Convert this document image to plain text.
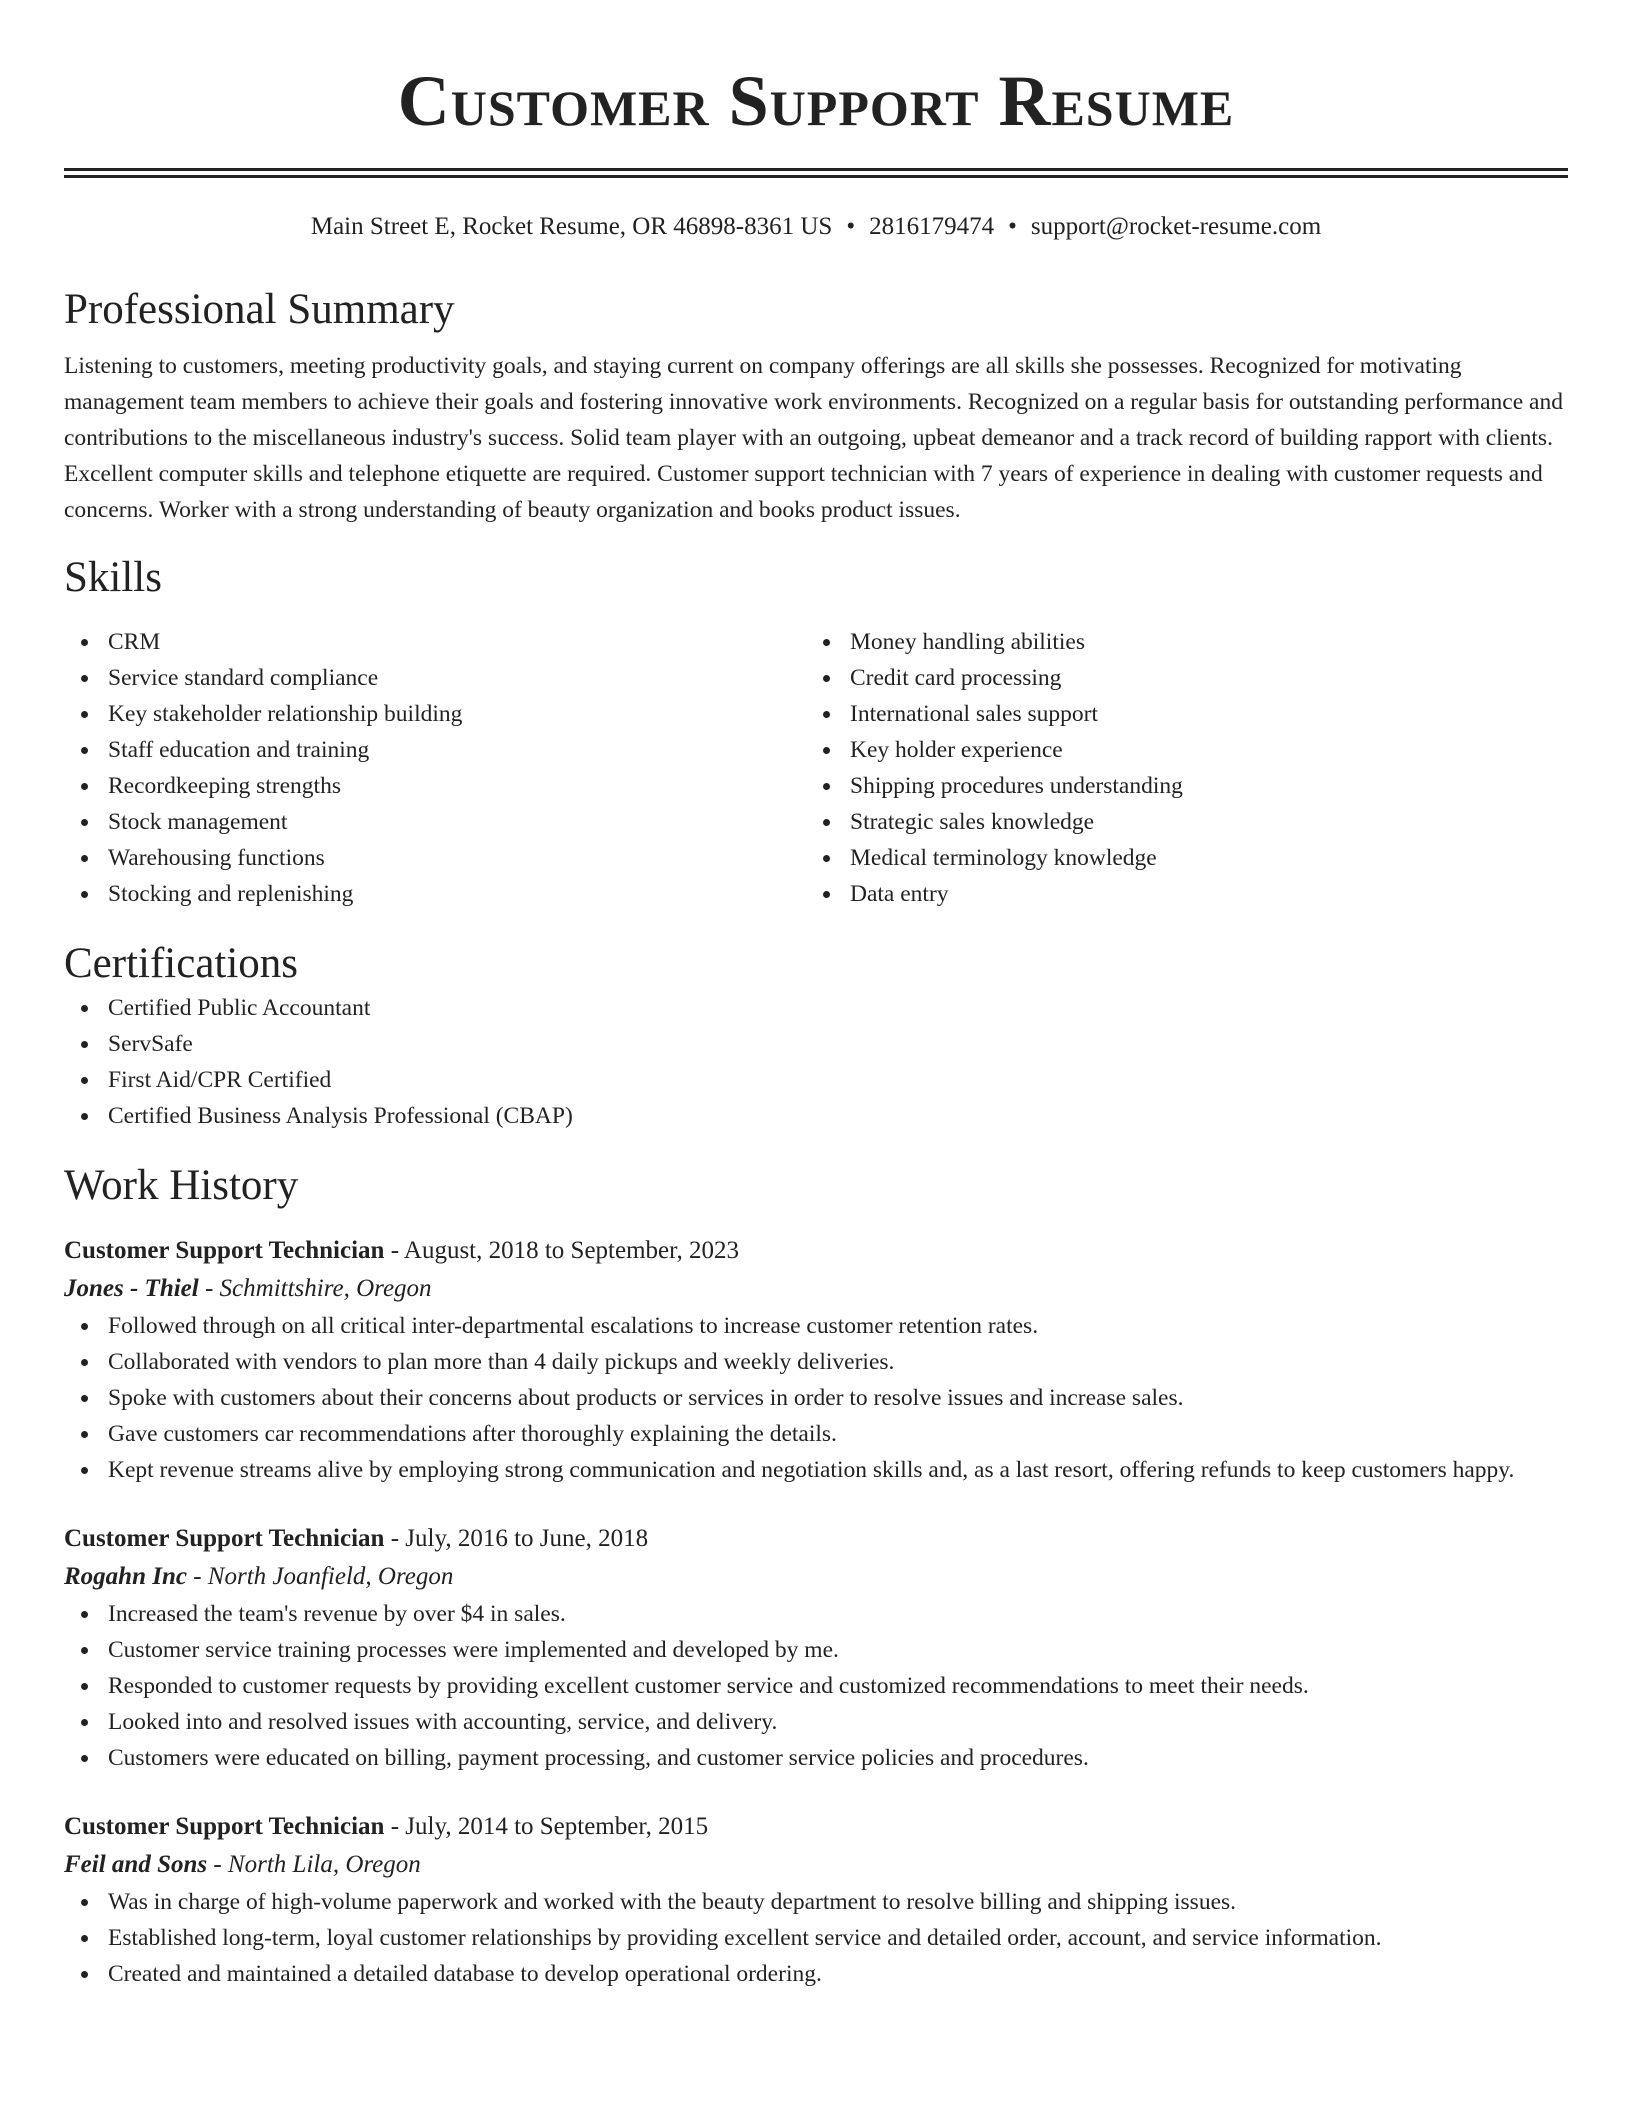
Customer Support Resume
Main Street E, Rocket Resume, OR 46898-8361 US • 2816179474 • support@rocket-resume.com
Professional Summary

Listening to customers, meeting productivity goals, and staying current on company offerings are all skills she possesses. Recognized for motivating management team members to achieve their goals and fostering innovative work environments. Recognized on a regular basis for outstanding performance and contributions to the miscellaneous industry's success. Solid team player with an outgoing, upbeat demeanor and a track record of building rapport with clients. Excellent computer skills and telephone etiquette are required. Customer support technician with 7 years of experience in dealing with customer requests and concerns. Worker with a strong understanding of beauty organization and books product issues.

Skills
CRM
Service standard compliance
Key stakeholder relationship building
Staff education and training
Recordkeeping strengths
Stock management
Warehousing functions
Stocking and replenishing
Money handling abilities
Credit card processing
International sales support
Key holder experience
Shipping procedures understanding
Strategic sales knowledge
Medical terminology knowledge
Data entry
Certifications
Certified Public Accountant
ServSafe
First Aid/CPR Certified
Certified Business Analysis Professional (CBAP)
Work History

Customer Support Technician - August, 2018 to September, 2023

Jones - Thiel - Schmittshire, Oregon

Followed through on all critical inter-departmental escalations to increase customer retention rates.
Collaborated with vendors to plan more than 4 daily pickups and weekly deliveries.
Spoke with customers about their concerns about products or services in order to resolve issues and increase sales.
Gave customers car recommendations after thoroughly explaining the details.
Kept revenue streams alive by employing strong communication and negotiation skills and, as a last resort, offering refunds to keep customers happy.

Customer Support Technician - July, 2016 to June, 2018

Rogahn Inc - North Joanfield, Oregon

Increased the team's revenue by over $4 in sales.
Customer service training processes were implemented and developed by me.
Responded to customer requests by providing excellent customer service and customized recommendations to meet their needs.
Looked into and resolved issues with accounting, service, and delivery.
Customers were educated on billing, payment processing, and customer service policies and procedures.

Customer Support Technician - July, 2014 to September, 2015

Feil and Sons - North Lila, Oregon

Was in charge of high-volume paperwork and worked with the beauty department to resolve billing and shipping issues.
Established long-term, loyal customer relationships by providing excellent service and detailed order, account, and service information.
Created and maintained a detailed database to develop operational ordering.
